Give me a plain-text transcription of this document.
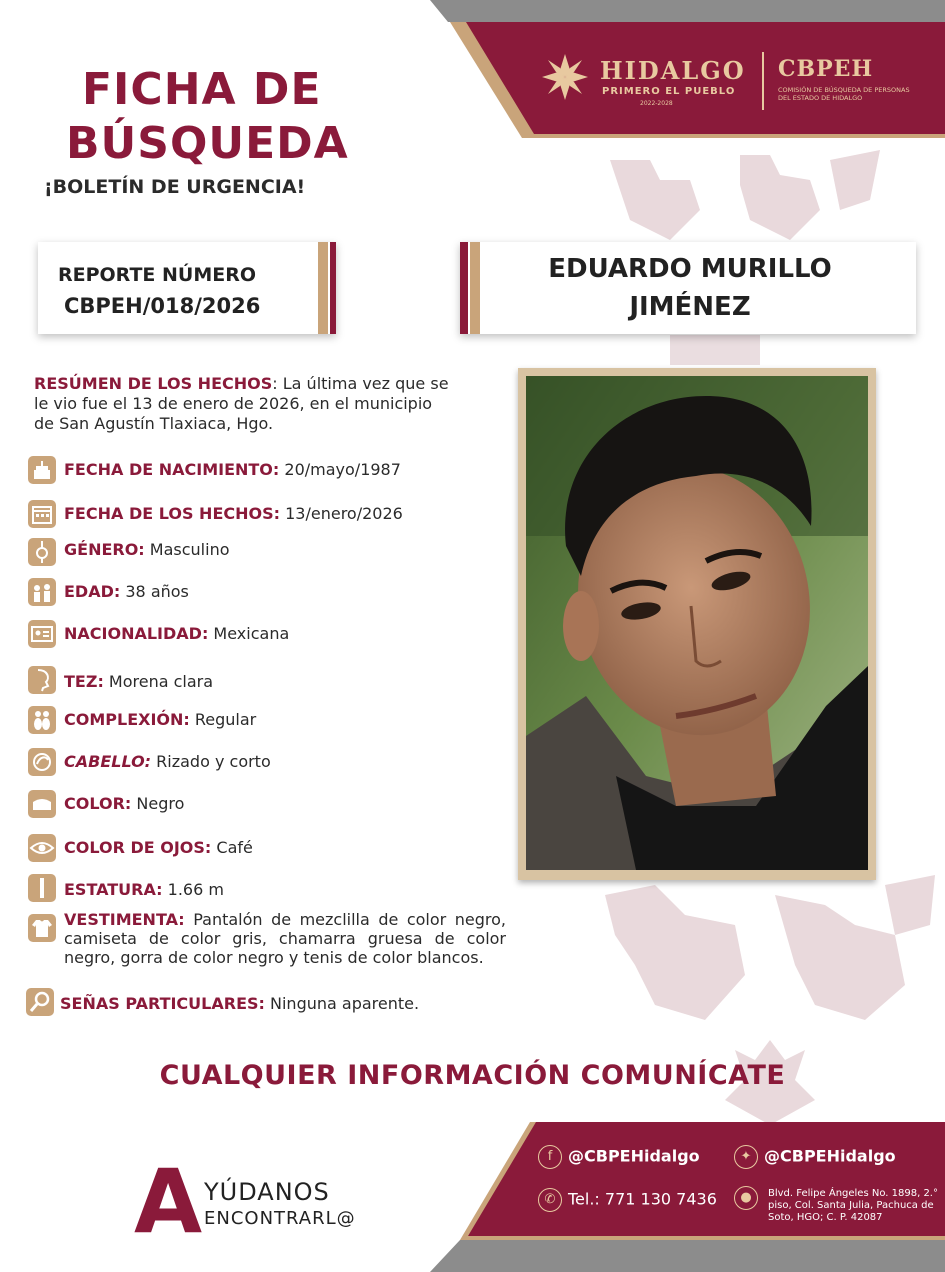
HIDALGO
PRIMERO EL PUEBLO
2022-2028
CBPEH
COMISIÓN DE BÚSQUEDA DE PERSONAS DEL ESTADO DE HIDALGO
FICHA DE
BÚSQUEDA
¡BOLETÍN DE URGENCIA!
REPORTE NÚMERO
CBPEH/018/2026
EDUARDO MURILLO
JIMÉNEZ
RESÚMEN DE LOS HECHOS: La última vez que se le vio fue el 13 de enero de 2026, en el municipio de San Agustín Tlaxiaca, Hgo.
FECHA DE NACIMIENTO: 20/mayo/1987
FECHA DE LOS HECHOS: 13/enero/2026
GÉNERO: Masculino
EDAD: 38 años
NACIONALIDAD: Mexicana
TEZ: Morena clara
COMPLEXIÓN: Regular
CABELLO: Rizado y corto
COLOR: Negro
COLOR DE OJOS: Café
ESTATURA: 1.66 m
VESTIMENTA: Pantalón de mezclilla de color negro, camiseta de color gris, chamarra gruesa de color negro, gorra de color negro y tenis de color blancos.
SEÑAS PARTICULARES: Ninguna aparente.
CUALQUIER INFORMACIÓN COMUNÍCATE
A YÚDANOS
ENCONTRARL@
f @CBPEHidalgo	✦ @CBPEHidalgo
✆ Tel.: 771 130 7436	●	Blvd. Felipe Ángeles No. 1898, 2.° piso, Col. Santa Julia, Pachuca de Soto, HGO; C. P. 42087
